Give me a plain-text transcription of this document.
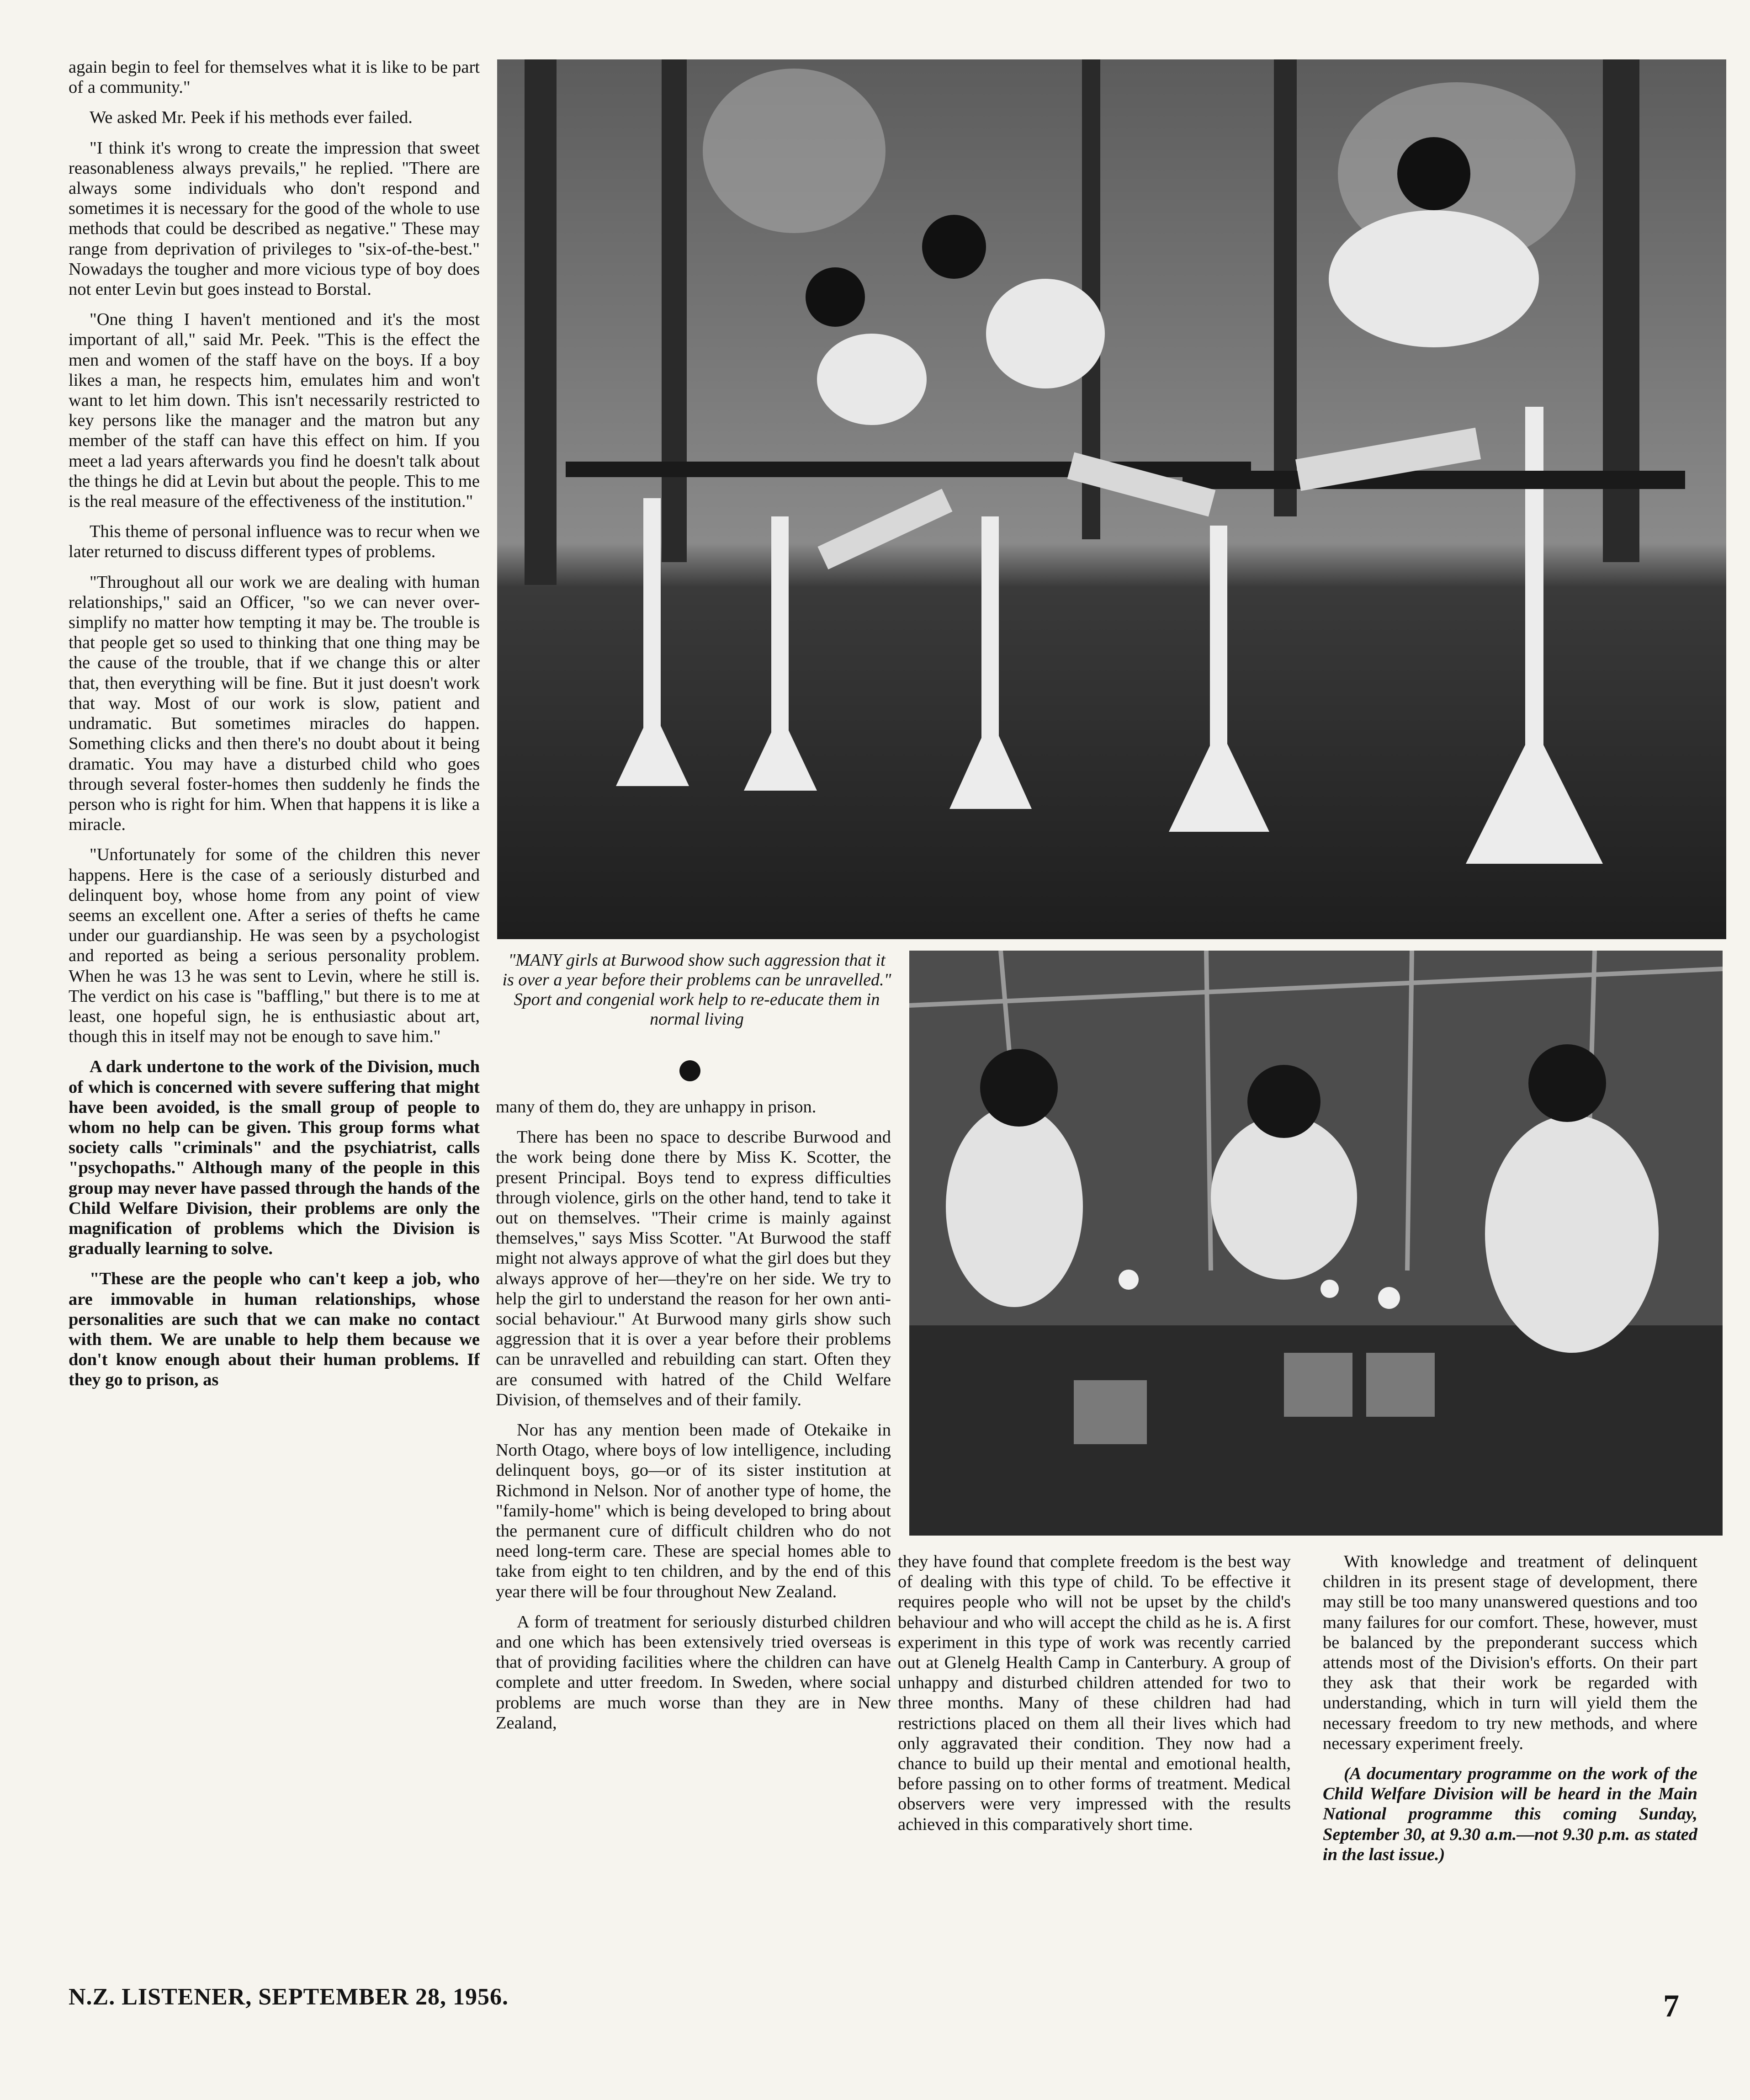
again begin to feel for themselves what it is like to be part of a community."

We asked Mr. Peek if his methods ever failed.

"I think it's wrong to create the impression that sweet reasonableness always prevails," he replied. "There are always some individuals who don't respond and sometimes it is necessary for the good of the whole to use methods that could be described as negative." These may range from deprivation of privileges to "six-of-the-best." Nowadays the tougher and more vicious type of boy does not enter Levin but goes instead to Borstal.

"One thing I haven't mentioned and it's the most important of all," said Mr. Peek. "This is the effect the men and women of the staff have on the boys. If a boy likes a man, he respects him, emulates him and won't want to let him down. This isn't necessarily restricted to key persons like the manager and the matron but any member of the staff can have this effect on him. If you meet a lad years afterwards you find he doesn't talk about the things he did at Levin but about the people. This to me is the real measure of the effectiveness of the institution."

This theme of personal influence was to recur when we later returned to discuss different types of problems.

"Throughout all our work we are dealing with human relationships," said an Officer, "so we can never over-simplify no matter how tempting it may be. The trouble is that people get so used to thinking that one thing may be the cause of the trouble, that if we change this or alter that, then everything will be fine. But it just doesn't work that way. Most of our work is slow, patient and undramatic. But sometimes miracles do happen. Something clicks and then there's no doubt about it being dramatic. You may have a disturbed child who goes through several foster-homes then suddenly he finds the person who is right for him. When that happens it is like a miracle.

"Unfortunately for some of the children this never happens. Here is the case of a seriously disturbed and delinquent boy, whose home from any point of view seems an excellent one. After a series of thefts he came under our guardianship. He was seen by a psychologist and reported as being a serious personality problem. When he was 13 he was sent to Levin, where he still is. The verdict on his case is "baffling," but there is to me at least, one hopeful sign, he is enthusiastic about art, though this in itself may not be enough to save him."

A dark undertone to the work of the Division, much of which is concerned with severe suffering that might have been avoided, is the small group of people to whom no help can be given. This group forms what society calls "criminals" and the psychiatrist, calls "psychopaths." Although many of the people in this group may never have passed through the hands of the Child Welfare Division, their problems are only the magnification of problems which the Division is gradually learning to solve.

"These are the people who can't keep a job, who are immovable in human relationships, whose personalities are such that we can make no contact with them. We are unable to help them because we don't know enough about their human problems. If they go to prison, as

"MANY girls at Burwood show such aggression that it is over a year before their problems can be unravelled." Sport and congenial work help to re-educate them in normal living

many of them do, they are unhappy in prison.

There has been no space to describe Burwood and the work being done there by Miss K. Scotter, the present Principal. Boys tend to express difficulties through violence, girls on the other hand, tend to take it out on themselves. "Their crime is mainly against themselves," says Miss Scotter. "At Burwood the staff might not always approve of what the girl does but they always approve of her—they're on her side. We try to help the girl to understand the reason for her own anti-social behaviour." At Burwood many girls show such aggression that it is over a year before their problems can be unravelled and rebuilding can start. Often they are consumed with hatred of the Child Welfare Division, of themselves and of their family.

Nor has any mention been made of Otekaike in North Otago, where boys of low intelligence, including delinquent boys, go—or of its sister institution at Richmond in Nelson. Nor of another type of home, the "family-home" which is being developed to bring about the permanent cure of difficult children who do not need long-term care. These are special homes able to take from eight to ten children, and by the end of this year there will be four throughout New Zealand.

A form of treatment for seriously disturbed children and one which has been extensively tried overseas is that of providing facilities where the children can have complete and utter freedom. In Sweden, where social problems are much worse than they are in New Zealand,

they have found that complete freedom is the best way of dealing with this type of child. To be effective it requires people who will not be upset by the child's behaviour and who will accept the child as he is. A first experiment in this type of work was recently carried out at Glenelg Health Camp in Canterbury. A group of unhappy and disturbed children attended for two to three months. Many of these children had had restrictions placed on them all their lives which had only aggravated their condition. They now had a chance to build up their mental and emotional health, before passing on to other forms of treatment. Medical observers were very impressed with the results achieved in this comparatively short time.

With knowledge and treatment of delinquent children in its present stage of development, there may still be too many unanswered questions and too many failures for our comfort. These, however, must be balanced by the preponderant success which attends most of the Division's efforts. On their part they ask that their work be regarded with understanding, which in turn will yield them the necessary freedom to try new methods, and where necessary experiment freely.

(A documentary programme on the work of the Child Welfare Division will be heard in the Main National programme this coming Sunday, September 30, at 9.30 a.m.—not 9.30 p.m. as stated in the last issue.)

N.Z. LISTENER, SEPTEMBER 28, 1956.	7
